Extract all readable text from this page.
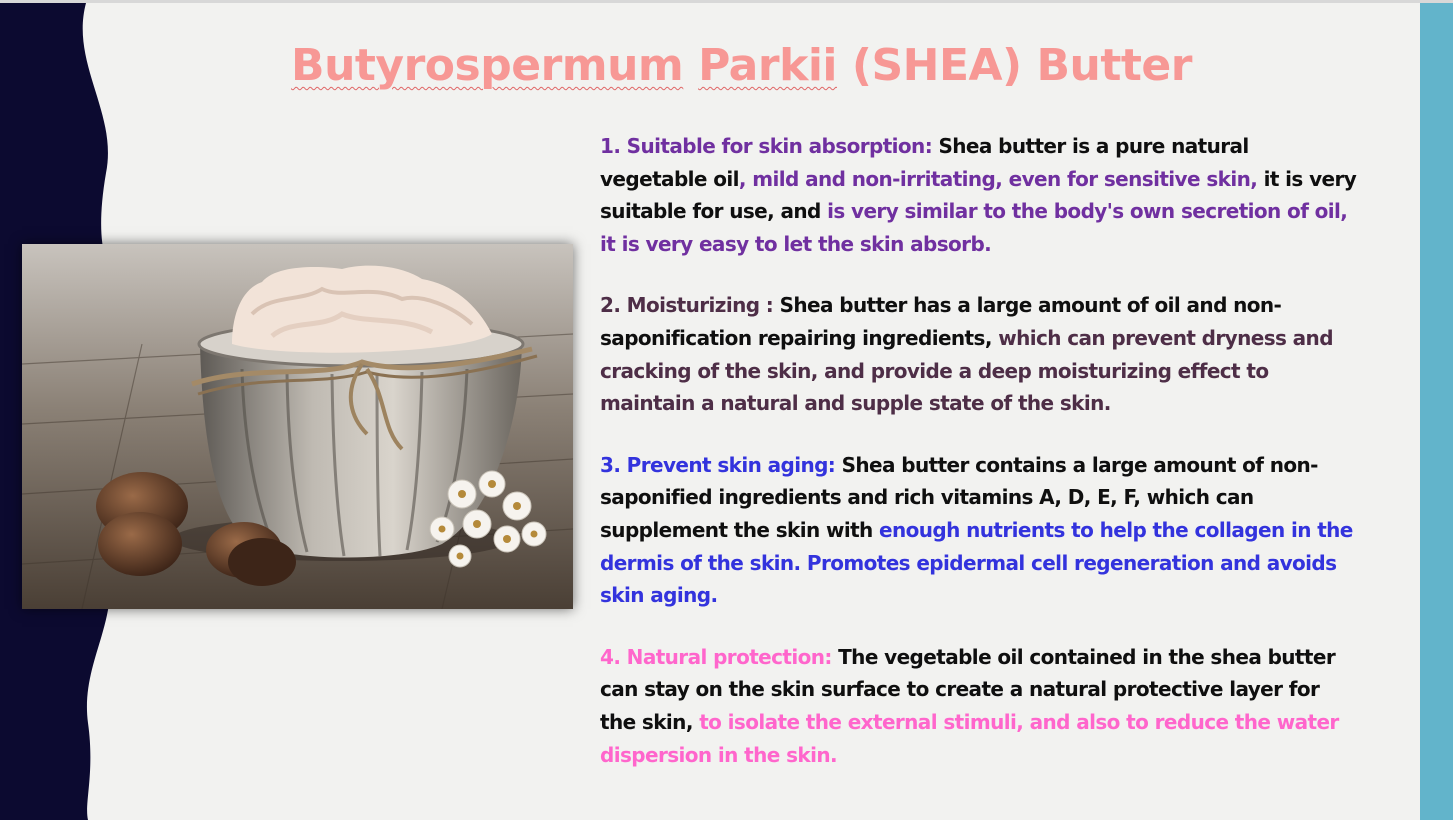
Butyrospermum Parkii (SHEA) Butter

1. Suitable for skin absorption: Shea butter is a pure natural vegetable oil, mild and non-irritating, even for sensitive skin, it is very suitable for use, and is very similar to the body's own secretion of oil, it is very easy to let the skin absorb.

2. Moisturizing : Shea butter has a large amount of oil and non-saponification repairing ingredients, which can prevent dryness and cracking of the skin, and provide a deep moisturizing effect to maintain a natural and supple state of the skin.

3. Prevent skin aging: Shea butter contains a large amount of non-saponified ingredients and rich vitamins A, D, E, F, which can supplement the skin with enough nutrients to help the collagen in the dermis of the skin. Promotes epidermal cell regeneration and avoids skin aging.

4. Natural protection: The vegetable oil contained in the shea butter can stay on the skin surface to create a natural protective layer for the skin, to isolate the external stimuli, and also to reduce the water dispersion in the skin.
